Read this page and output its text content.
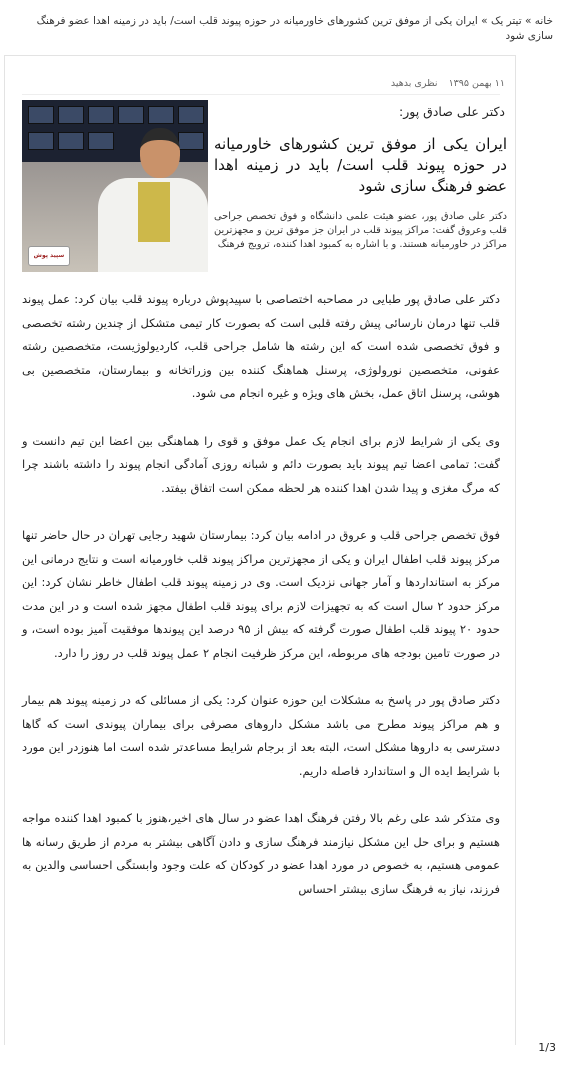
خانه » تیتر یک » ایران یکی از موفق ترین کشورهای خاورمیانه در حوزه پیوند قلب است/ باید در زمینه اهدا عضو فرهنگ سازی شود
۱۱ بهمن ۱۳۹۵ نظری بدهید
سپید پوش
دکتر علی صادق پور:
ایران یکی از موفق ترین کشورهای خاورمیانه در حوزه پیوند قلب است/ باید در زمینه اهدا عضو فرهنگ سازی شود
دکتر علی صادق پور، عضو هیئت علمی دانشگاه و فوق تخصص جراحی قلب وعروق گفت: مراکز پیوند قلب در ایران جز موفق ترین و مجهزترین مراکز در خاورمیانه هستند. و با اشاره به کمبود اهدا کننده، ترویج فرهنگ

دکتر علی صادق پور طبایی در مصاحبه اختصاصی با سپیدپوش درباره پیوند قلب بیان کرد: عمل پیوند قلب تنها درمان نارسائی پیش رفته قلبی است که بصورت کار تیمی متشکل از چندین رشته تخصصی و فوق تخصصی شده است که این رشته ها شامل جراحی قلب، کاردیولوژیست، متخصصین رشته عفونی، متخصصین نورولوژی، پرسنل هماهنگ کننده بین وزراتخانه و بیمارستان، متخصصین بی هوشی، پرسنل اتاق عمل، بخش های ویژه و غیره انجام می شود.

وی یکی از شرایط لازم برای انجام یک عمل موفق و قوی را هماهنگی بین اعضا این تیم دانست و گفت: تمامی اعضا تیم پیوند باید بصورت دائم و شبانه روزی آمادگی انجام پیوند را داشته باشند چرا که مرگ مغزی و پیدا شدن اهدا کننده هر لحظه ممکن است اتفاق بیفتد.

فوق تخصص جراحی قلب و عروق در ادامه بیان کرد: بیمارستان شهید رجایی تهران در حال حاضر تنها مرکز پیوند قلب اطفال ایران و یکی از مجهزترین مراکز پیوند قلب خاورمیانه است و نتایج درمانی این مرکز به استانداردها و آمار جهانی نزدیک است. وی در زمینه پیوند قلب اطفال خاطر نشان کرد: این مرکز حدود ۲ سال است که به تجهیزات لازم برای پیوند قلب اطفال مجهز شده است و در این مدت حدود ۲۰ پیوند قلب اطفال صورت گرفته که بیش از ۹۵ درصد این پیوندها موفقیت آمیز بوده است، و در صورت تامین بودجه های مربوطه، این مرکز ظرفیت انجام ۲ عمل پیوند قلب در روز را دارد.

دکتر صادق پور در پاسخ به مشکلات این حوزه عنوان کرد: یکی از مسائلی که در زمینه پیوند هم بیمار و هم مراکز پیوند مطرح می باشد مشکل داروهای مصرفی برای بیماران پیوندی است که گاها دسترسی به داروها مشکل است، البته بعد از برجام شرایط مساعدتر شده است اما هنوزدر این مورد با شرایط ایده ال و استاندارد فاصله داریم.

وی متذکر شد علی رغم بالا رفتن فرهنگ اهدا عضو در سال های اخیر،هنوز با کمبود اهدا کننده مواجه هستیم و برای حل این مشکل نیازمند فرهنگ سازی و دادن آگاهی بیشتر به مردم از طریق رسانه ها عمومی هستیم، به خصوص در مورد اهدا عضو در کودکان که علت وجود وابستگی احساسی والدین به فرزند، نیاز به فرهنگ سازی بیشتر احساس

1/3
